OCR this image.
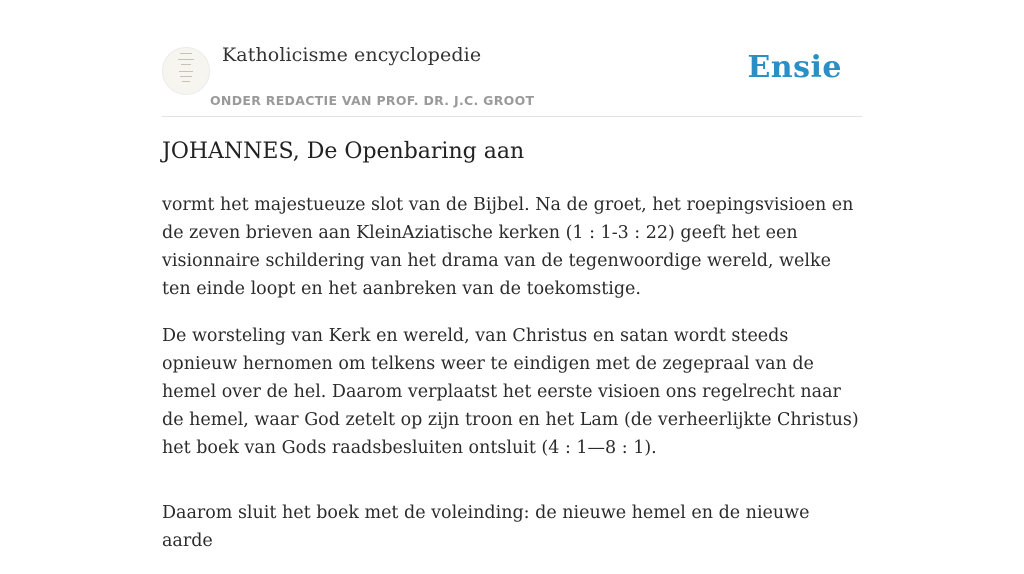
Katholicisme encyclopedie
ONDER REDACTIE VAN PROF. DR. J.C. GROOT
Ensie
JOHANNES, De Openbaring aan

vormt het majestueuze slot van de Bijbel. Na de groet, het roepingsvisioen en de zeven brieven aan KleinAziatische kerken (1 : 1-3 : 22) geeft het een visionnaire schildering van het drama van de tegenwoordige wereld, welke ten einde loopt en het aanbreken van de toekomstige.

De worsteling van Kerk en wereld, van Christus en satan wordt steeds opnieuw hernomen om telkens weer te eindigen met de zegepraal van de hemel over de hel. Daarom verplaatst het eerste visioen ons regelrecht naar de hemel, waar God zetelt op zijn troon en het Lam (de verheerlijkte Christus) het boek van Gods raadsbesluiten ontsluit (4 : 1—8 : 1).

Daarom sluit het boek met de voleinding: de nieuwe hemel en de nieuwe aarde
